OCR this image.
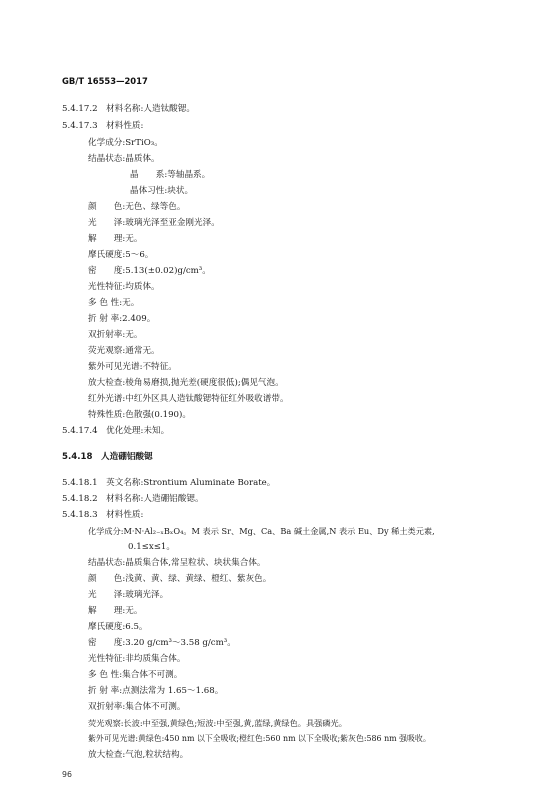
GB/T 16553—2017
5.4.17.2　材料名称:人造钛酸锶。
5.4.17.3　材料性质:
化学成分:SrTiO₃。
结晶状态:晶质体。
晶　　系:等轴晶系。
晶体习性:块状。
颜　　色:无色、绿等色。
光　　泽:玻璃光泽至亚金刚光泽。
解　　理:无。
摩氏硬度:5～6。
密　　度:5.13(±0.02)g/cm³。
光性特征:均质体。
多 色 性:无。
折 射 率:2.409。
双折射率:无。
荧光观察:通常无。
紫外可见光谱:不特征。
放大检查:棱角易磨损,抛光差(硬度很低);偶见气泡。
红外光谱:中红外区具人造钛酸锶特征红外吸收谱带。
特殊性质:色散强(0.190)。
5.4.17.4　优化处理:未知。
5.4.18　人造硼铝酸锶
5.4.18.1　英文名称:Strontium Aluminate Borate。
5.4.18.2　材料名称:人造硼铝酸锶。
5.4.18.3　材料性质:
化学成分:M·N·Al₂₋ₓBₓO₄。M 表示 Sr、Mg、Ca、Ba 碱土金属,N 表示 Eu、Dy 稀土类元素,
0.1≤x≤1。
结晶状态:晶质集合体,常呈粒状、块状集合体。
颜　　色:浅黄、黄、绿、黄绿、橙红、紫灰色。
光　　泽:玻璃光泽。
解　　理:无。
摩氏硬度:6.5。
密　　度:3.20 g/cm³～3.58 g/cm³。
光性特征:非均质集合体。
多 色 性:集合体不可测。
折 射 率:点测法常为 1.65～1.68。
双折射率:集合体不可测。
荧光观察:长波:中至强,黄绿色;短波:中至强,黄,蓝绿,黄绿色。具强磷光。
紫外可见光谱:黄绿色:450 nm 以下全吸收;橙红色:560 nm 以下全吸收;紫灰色:586 nm 强吸收。
放大检查:气泡,粒状结构。
96
